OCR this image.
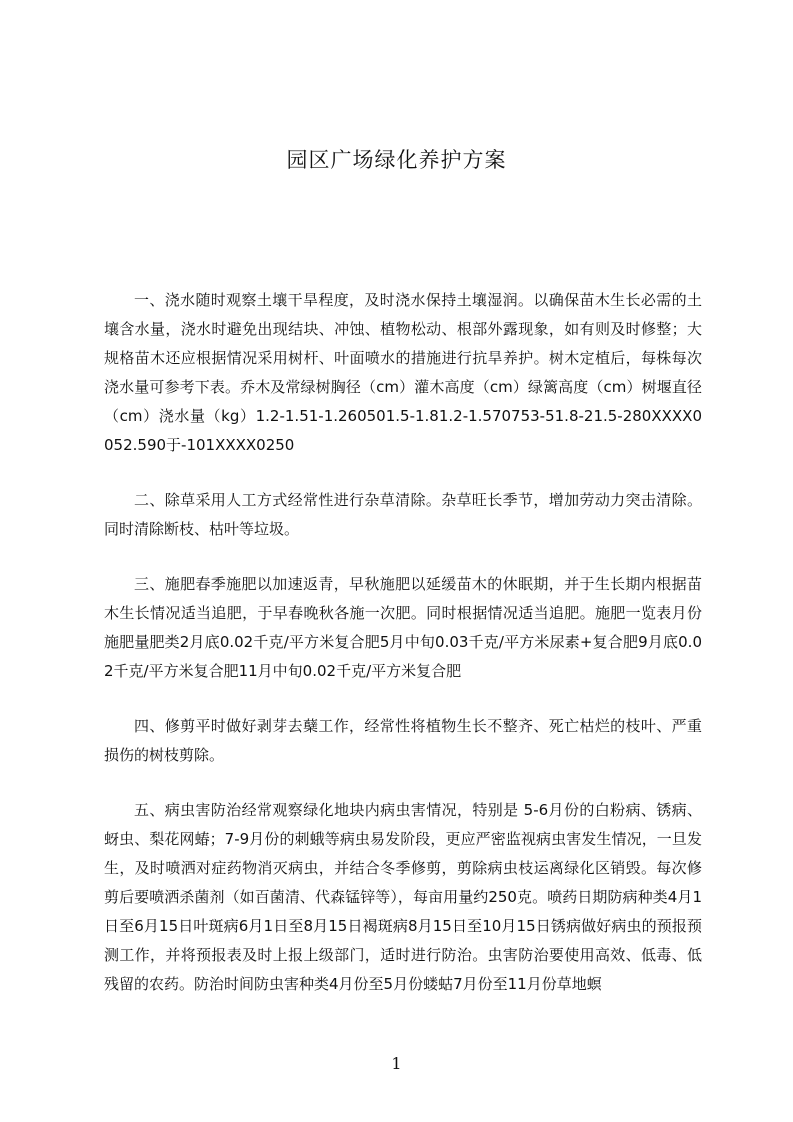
园区广场绿化养护方案

一、浇水随时观察土壤干旱程度，及时浇水保持土壤湿润。以确保苗木生长必需的土壤含水量，浇水时避免出现结块、冲蚀、植物松动、根部外露现象，如有则及时修整；大规格苗木还应根据情况采用树杆、叶面喷水的措施进行抗旱养护。树木定植后，每株每次浇水量可参考下表。乔木及常绿树胸径（cm）灌木高度（cm）绿篱高度（cm）树堰直径（cm）浇水量（kg）1.2-1.51-1.260501.5-1.81.2-1.570753-51.8-21.5-280XXXX0052.590于-101XXXX0250

二、除草采用人工方式经常性进行杂草清除。杂草旺长季节，增加劳动力突击清除。同时清除断枝、枯叶等垃圾。

三、施肥春季施肥以加速返青，早秋施肥以延缓苗木的休眠期，并于生长期内根据苗木生长情况适当追肥，于早春晚秋各施一次肥。同时根据情况适当追肥。施肥一览表月份施肥量肥类2月底0.02千克/平方米复合肥5月中旬0.03千克/平方米尿素+复合肥9月底0.02千克/平方米复合肥11月中旬0.02千克/平方米复合肥

四、修剪平时做好剥芽去蘖工作，经常性将植物生长不整齐、死亡枯烂的枝叶、严重损伤的树枝剪除。

五、病虫害防治经常观察绿化地块内病虫害情况，特别是 5-6月份的白粉病、锈病、蚜虫、梨花网蝽；7-9月份的刺蛾等病虫易发阶段，更应严密监视病虫害发生情况，一旦发生，及时喷洒对症药物消灭病虫，并结合冬季修剪，剪除病虫枝运离绿化区销毁。每次修剪后要喷洒杀菌剂（如百菌清、代森锰锌等），每亩用量约250克。喷药日期防病种类4月1日至6月15日叶斑病6月1日至8月15日褐斑病8月15日至10月15日锈病做好病虫的预报预测工作，并将预报表及时上报上级部门，适时进行防治。虫害防治要使用高效、低毒、低残留的农药。防治时间防虫害种类4月份至5月份蝼蛄7月份至11月份草地螟

1
